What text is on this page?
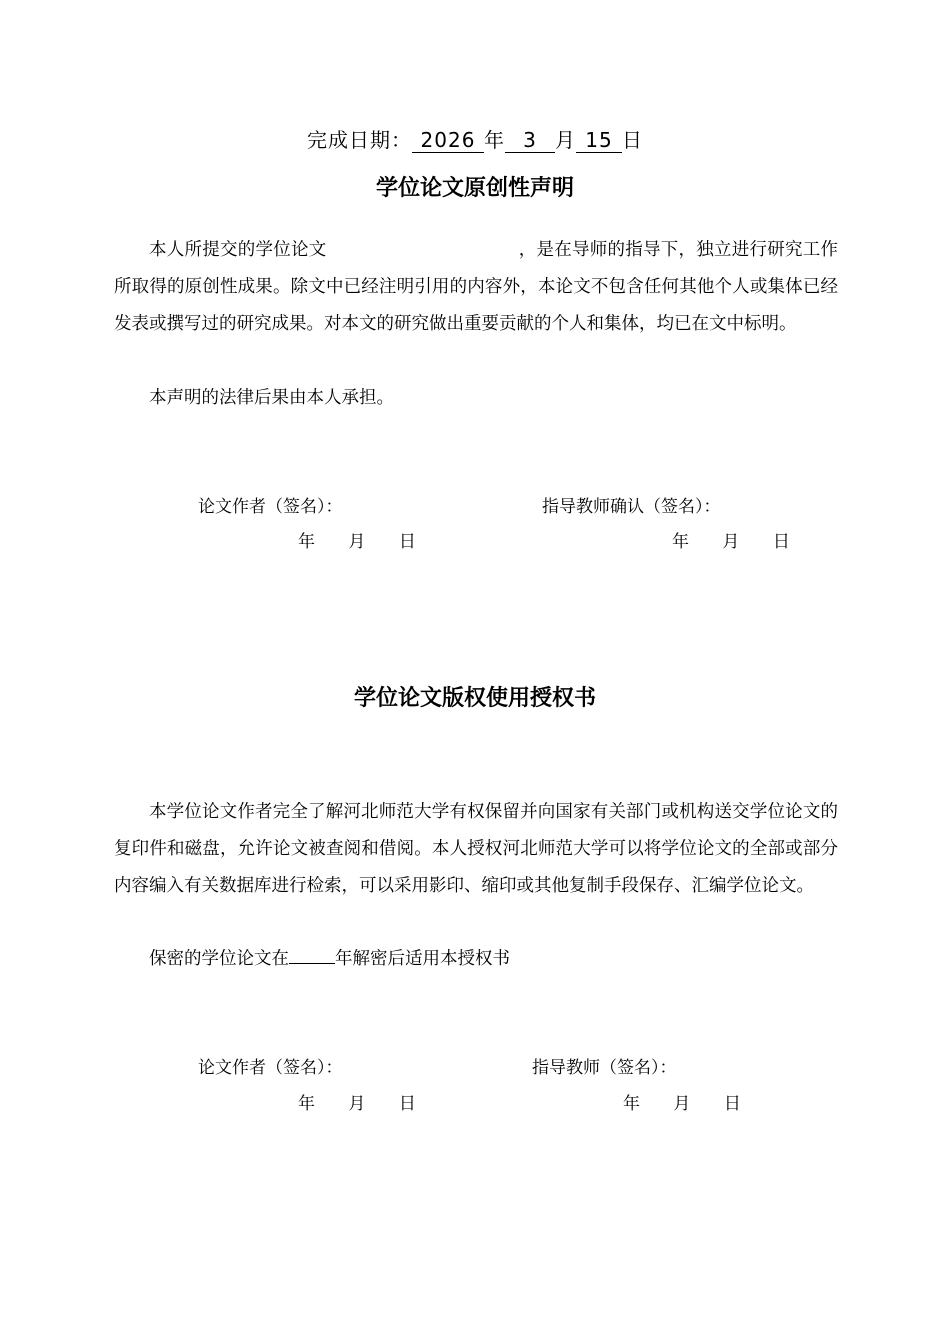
完成日期： 2026 年 3 月 15 日
学位论文原创性声明
本人所提交的学位论文	，是在导师的指导下，独立进行研究工作所取得的原创性成果。除文中已经注明引用的内容外，本论文不包含任何其他个人或集体已经发表或撰写过的研究成果。对本文的研究做出重要贡献的个人和集体，均已在文中标明。
本声明的法律后果由本人承担。
论文作者（签名）：	指导教师确认（签名）：
年 月 日	年 月 日
学位论文版权使用授权书
本学位论文作者完全了解河北师范大学有权保留并向国家有关部门或机构送交学位论文的复印件和磁盘，允许论文被查阅和借阅。本人授权河北师范大学可以将学位论文的全部或部分内容编入有关数据库进行检索，可以采用影印、缩印或其他复制手段保存、汇编学位论文。
保密的学位论文在	年解密后适用本授权书
论文作者（签名）：	指导教师（签名）：
年 月 日	年 月 日
